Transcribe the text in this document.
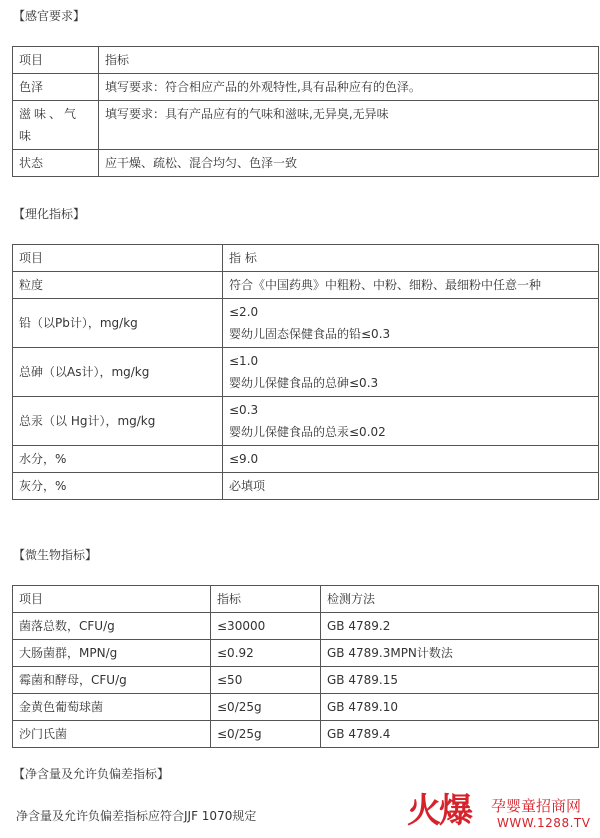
【感官要求】
项目	指标
色泽	填写要求：符合相应产品的外观特性,具有品种应有的色泽。
滋味、气味	填写要求：具有产品应有的气味和滋味,无异臭,无异味
状态	应干燥、疏松、混合均匀、色泽一致
【理化指标】
项目	指 标
粒度	符合《中国药典》中粗粉、中粉、细粉、最细粉中任意一种
铅（以Pb计），mg/kg	≤2.0
婴幼儿固态保健食品的铅≤0.3

总砷（以As计），mg/kg	≤1.0
婴幼儿保健食品的总砷≤0.3

总汞（以 Hg计），mg/kg	≤0.3
婴幼儿保健食品的总汞≤0.02

水分，%	≤9.0
灰分，%	必填项
【微生物指标】
项目	指标	检测方法
菌落总数，CFU/g	≤30000	GB 4789.2
大肠菌群，MPN/g	≤0.92	GB 4789.3MPN计数法
霉菌和酵母，CFU/g	≤50	GB 4789.15
金黄色葡萄球菌	≤0/25g	GB 4789.10
沙门氏菌	≤0/25g	GB 4789.4
【净含量及允许负偏差指标】
净含量及允许负偏差指标应符合JJF 1070规定	火爆 孕婴童招商网
WWW.1288.TV
